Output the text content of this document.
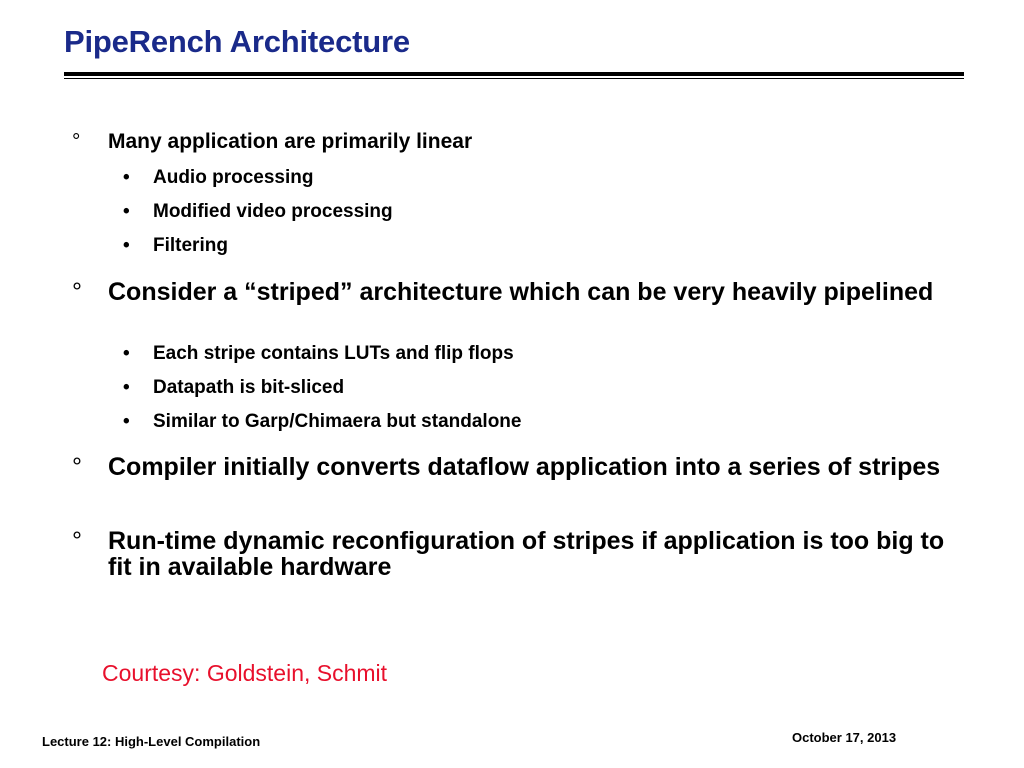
PipeRench Architecture
° Many application are primarily linear
• Audio processing
• Modified video processing
• Filtering
° Consider a “striped” architecture which can be very heavily pipelined
• Each stripe contains LUTs and flip flops
• Datapath is bit-sliced
• Similar to Garp/Chimaera but standalone
° Compiler initially converts dataflow application into a series of stripes
° Run-time dynamic reconfiguration of stripes if application is too big to fit in available hardware
Courtesy: Goldstein, Schmit
Lecture 12: High-Level Compilation	October 17, 2013
